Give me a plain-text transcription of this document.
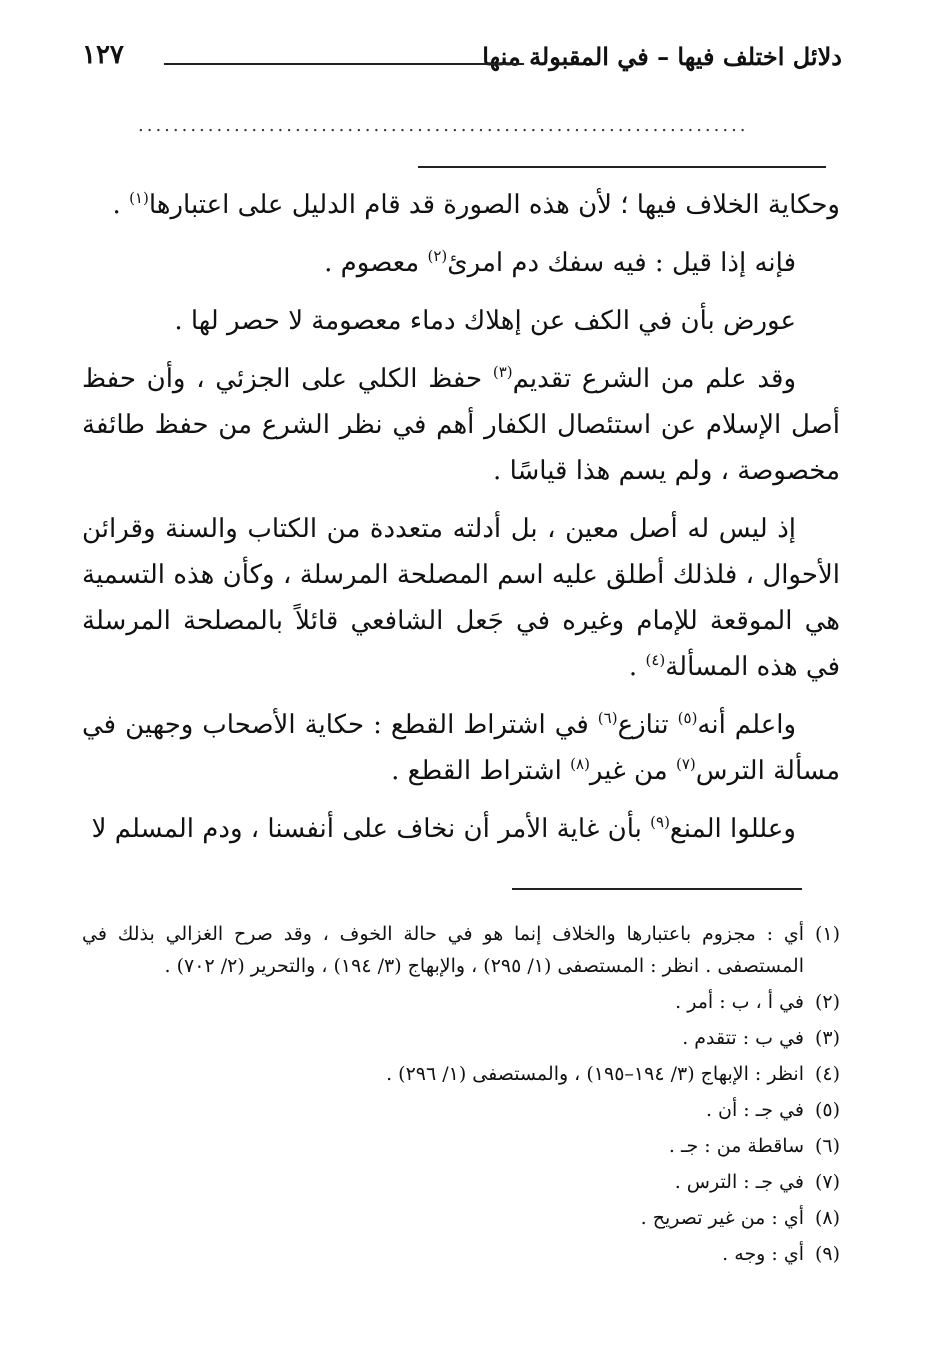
دلائل اختلف فيها – في المقبولة منها
١٢٧
......................................................................

وحكاية الخلاف فيها ؛ لأن هذه الصورة قد قام الدليل على اعتبارها$^{(١)}$ .

فإنه إذا قيل : فيه سفك دم امرئ$^{(٢)}$ معصوم .

عورض بأن في الكف عن إهلاك دماء معصومة لا حصر لها .

وقد علم من الشرع تقديم$^{(٣)}$ حفظ الكلي على الجزئي ، وأن حفظ أصل الإسلام عن استئصال الكفار أهم في نظر الشرع من حفظ طائفة مخصوصة ، ولم يسم هذا قياسًا .

إذ ليس له أصل معين ، بل أدلته متعددة من الكتاب والسنة وقرائن الأحوال ، فلذلك أطلق عليه اسم المصلحة المرسلة ، وكأن هذه التسمية هي الموقعة للإمام وغيره في جَعل الشافعي قائلاً بالمصلحة المرسلة في هذه المسألة$^{(٤)}$ .

واعلم أنه$^{(٥)}$ تنازع$^{(٦)}$ في اشتراط القطع : حكاية الأصحاب وجهين في مسألة الترس$^{(٧)}$ من غير$^{(٨)}$ اشتراط القطع .

وعللوا المنع$^{(٩)}$ بأن غاية الأمر أن نخاف على أنفسنا ، ودم المسلم لا

(١)أي : مجزوم باعتبارها والخلاف إنما هو في حالة الخوف ، وقد صرح الغزالي بذلك في المستصفى . انظر : المستصفى (١/ ٢٩٥) ، والإبهاج (٣/ ١٩٤) ، والتحرير (٢/ ٧٠٢) .
(٢)في أ ، ب : أمر .
(٣)في ب : تتقدم .
(٤)انظر : الإبهاج (٣/ ١٩٤–١٩٥) ، والمستصفى (١/ ٢٩٦) .
(٥)في جـ : أن .
(٦)ساقطة من : جـ .
(٧)في جـ : الترس .
(٨)أي : من غير تصريح .
(٩)أي : وجه .
